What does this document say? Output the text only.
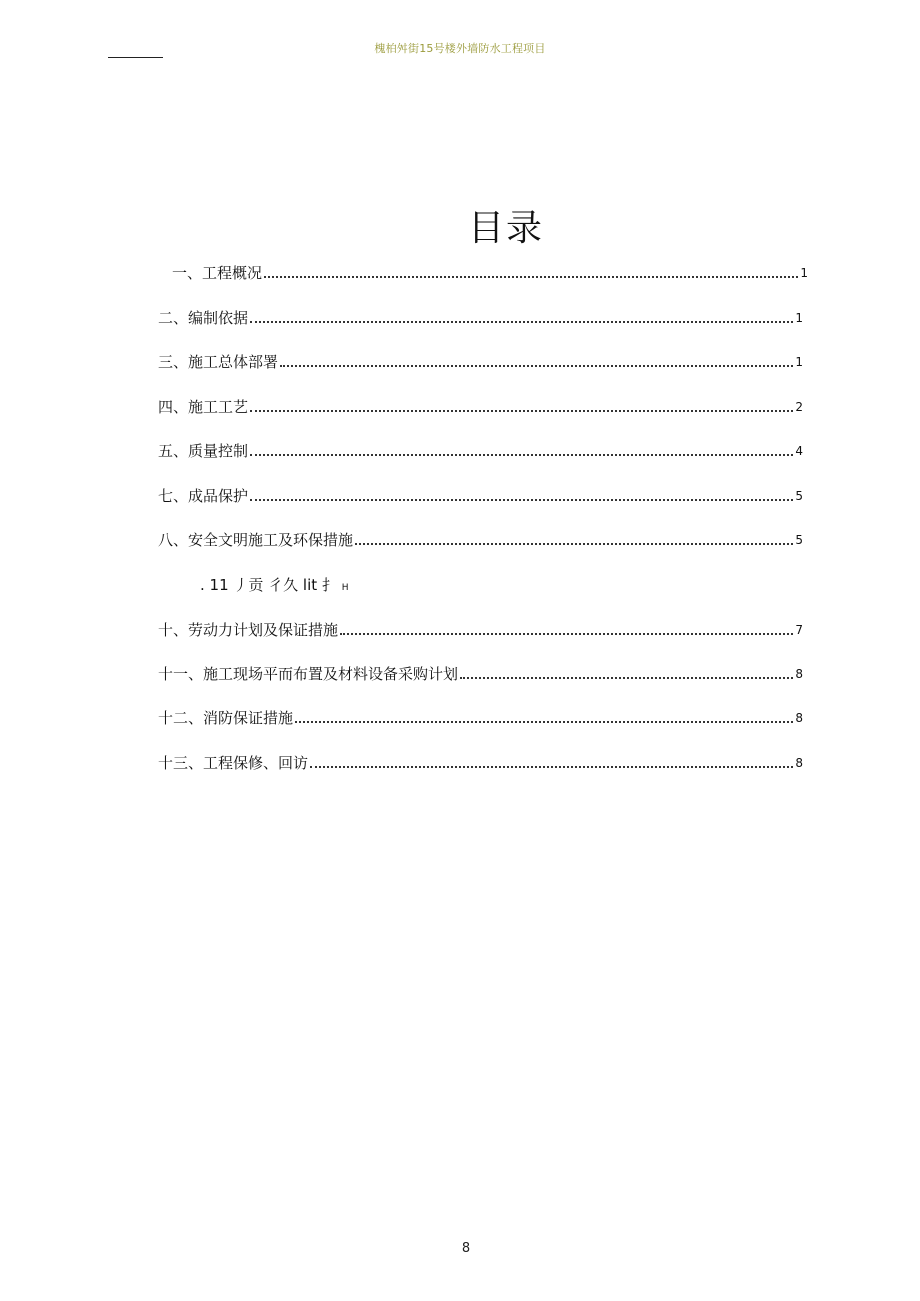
槐柏舛街15号楼外墙防水工程项目
目录
一、工程概况	1
二、编制依据	1
三、施工总体部署	1
四、施工工艺	2
五、质量控制	4
七、成品保护	5
八、安全文明施工及环保措施	5
. 11 丿贡 彳久 lit 扌 H
十、劳动力计划及保证措施	7
十一、施工现场平而布置及材料设备采购计划	8
十二、消防保证措施	8
十三、工程保修、回访	8
8
